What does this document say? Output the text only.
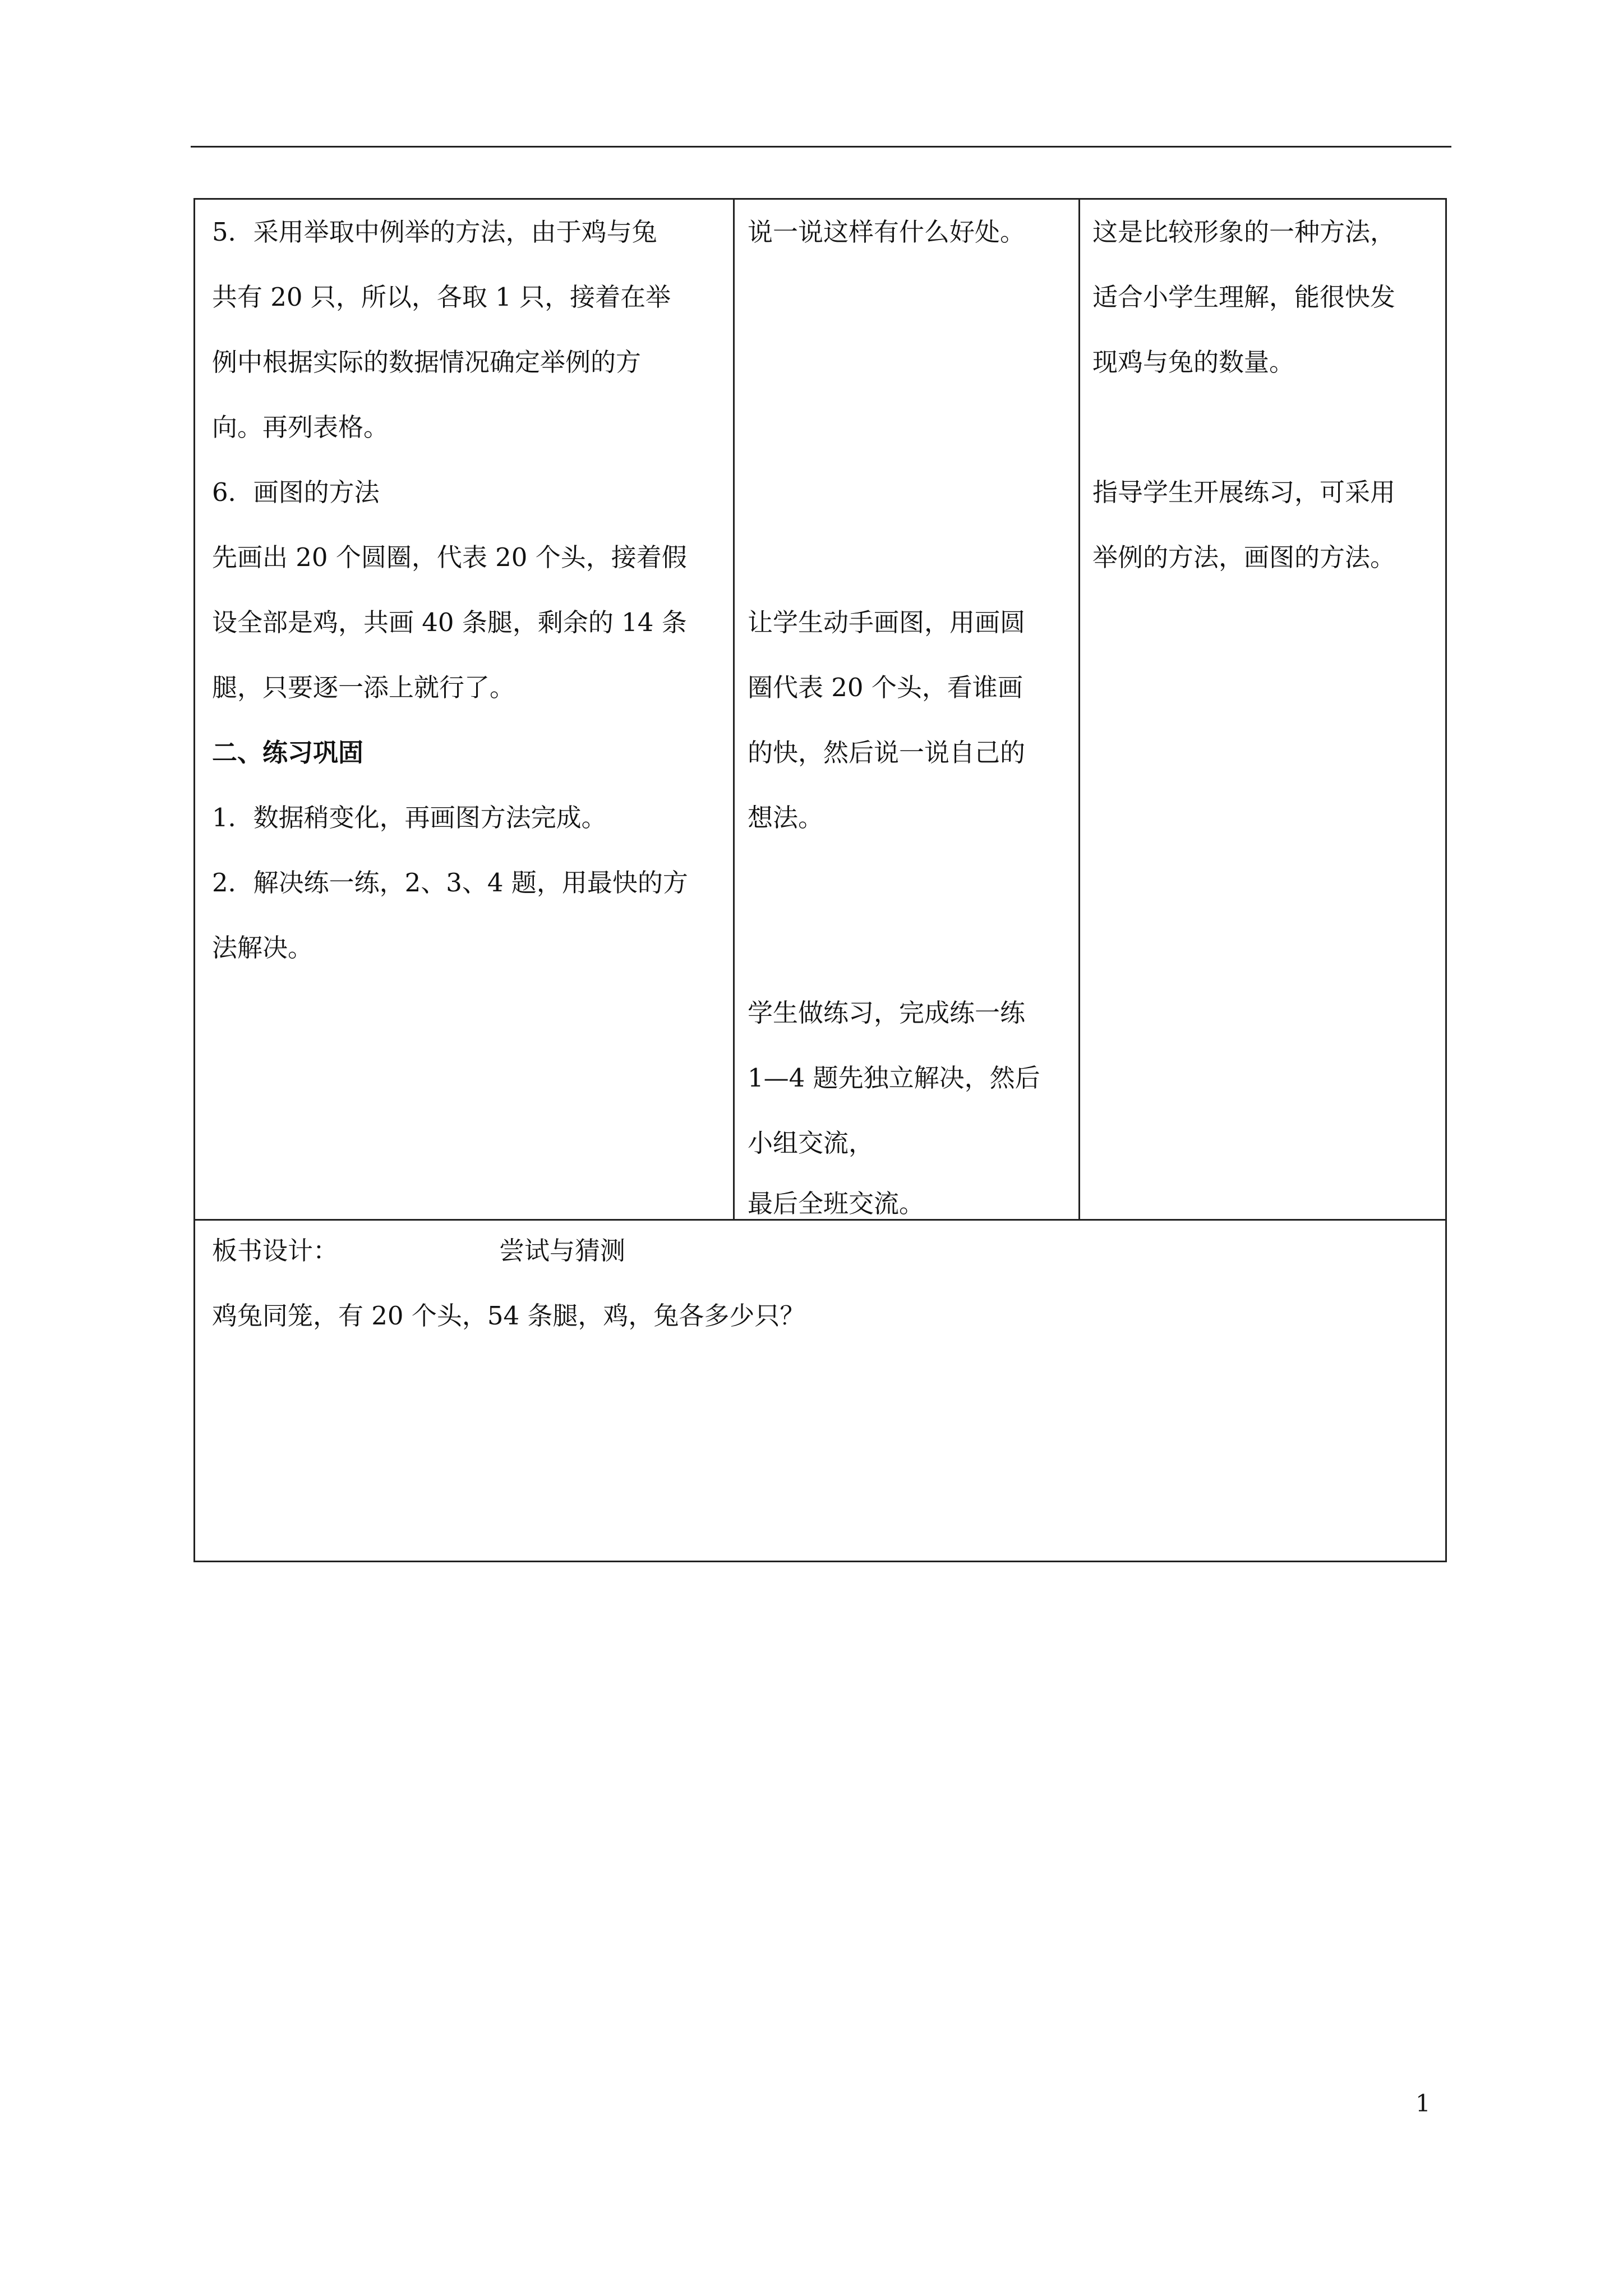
5．采用举取中例举的方法，由于鸡与兔

共有 20 只，所以，各取 1 只，接着在举

例中根据实际的数据情况确定举例的方

向。再列表格。

6．画图的方法

先画出 20 个圆圈，代表 20 个头，接着假

设全部是鸡，共画 40 条腿，剩余的 14 条

腿，只要逐一添上就行了。

二、练习巩固

1．数据稍变化，再画图方法完成。

2．解决练一练，2、3、4 题，用最快的方

法解决。

说一说这样有什么好处。

让学生动手画图，用画圆

圈代表 20 个头，看谁画

的快，然后说一说自己的

想法。

学生做练习，完成练一练

1—4 题先独立解决，然后

小组交流，

最后全班交流。

这是比较形象的一种方法，

适合小学生理解，能很快发

现鸡与兔的数量。

指导学生开展练习，可采用

举例的方法，画图的方法。

板书设计：	尝试与猜测

鸡兔同笼，有 20 个头，54 条腿，鸡，兔各多少只？

1
